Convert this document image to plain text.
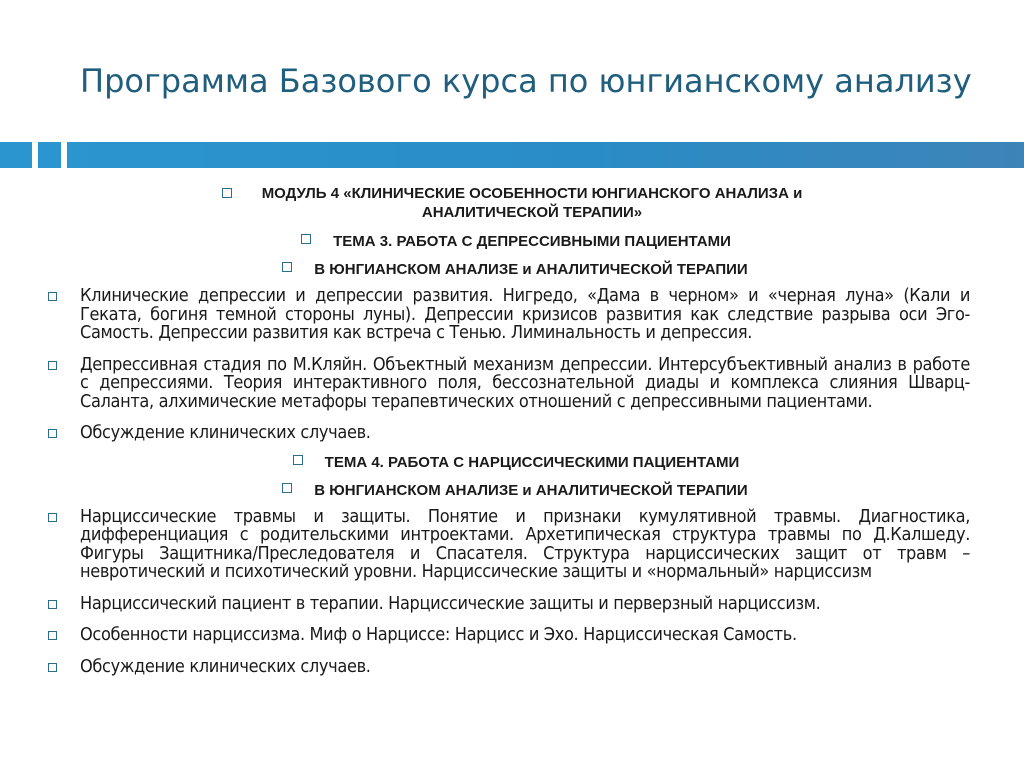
Программа Базового курса по юнгианскому анализу
МОДУЛЬ 4 «КЛИНИЧЕСКИЕ ОСОБЕННОСТИ ЮНГИАНСКОГО АНАЛИЗА и
АНАЛИТИЧЕСКОЙ ТЕРАПИИ»
ТЕМА 3. РАБОТА С ДЕПРЕССИВНЫМИ ПАЦИЕНТАМИ
В ЮНГИАНСКОМ АНАЛИЗЕ и АНАЛИТИЧЕСКОЙ ТЕРАПИИ
Клинические депрессии и депрессии развития. Нигредо, «Дама в черном» и «черная луна» (Кали и Геката, богиня темной стороны луны). Депрессии кризисов развития как следствие разрыва оси Эго-Самость. Депрессии развития как встреча с Тенью. Лиминальность и депрессия.
Депрессивная стадия по М.Кляйн. Объектный механизм депрессии. Интерсубъективный анализ в работе с депрессиями. Теория интерактивного поля, бессознательной диады и комплекса слияния Шварц-Саланта, алхимические метафоры терапевтических отношений с депрессивными пациентами.
Обсуждение клинических случаев.
ТЕМА 4. РАБОТА С НАРЦИССИЧЕСКИМИ ПАЦИЕНТАМИ
В ЮНГИАНСКОМ АНАЛИЗЕ и АНАЛИТИЧЕСКОЙ ТЕРАПИИ
Нарциссические травмы и защиты. Понятие и признаки кумулятивной травмы. Диагностика, дифференциация с родительскими интроектами. Архетипическая структура травмы по Д.Калшеду. Фигуры Защитника/Преследователя и Спасателя. Структура нарциссических защит от травм – невротический и психотический уровни. Нарциссические защиты и «нормальный» нарциссизм
Нарциссический пациент в терапии. Нарциссические защиты и перверзный нарциссизм.
Особенности нарциссизма. Миф о Нарциссе: Нарцисс и Эхо. Нарциссическая Самость.
Обсуждение клинических случаев.
